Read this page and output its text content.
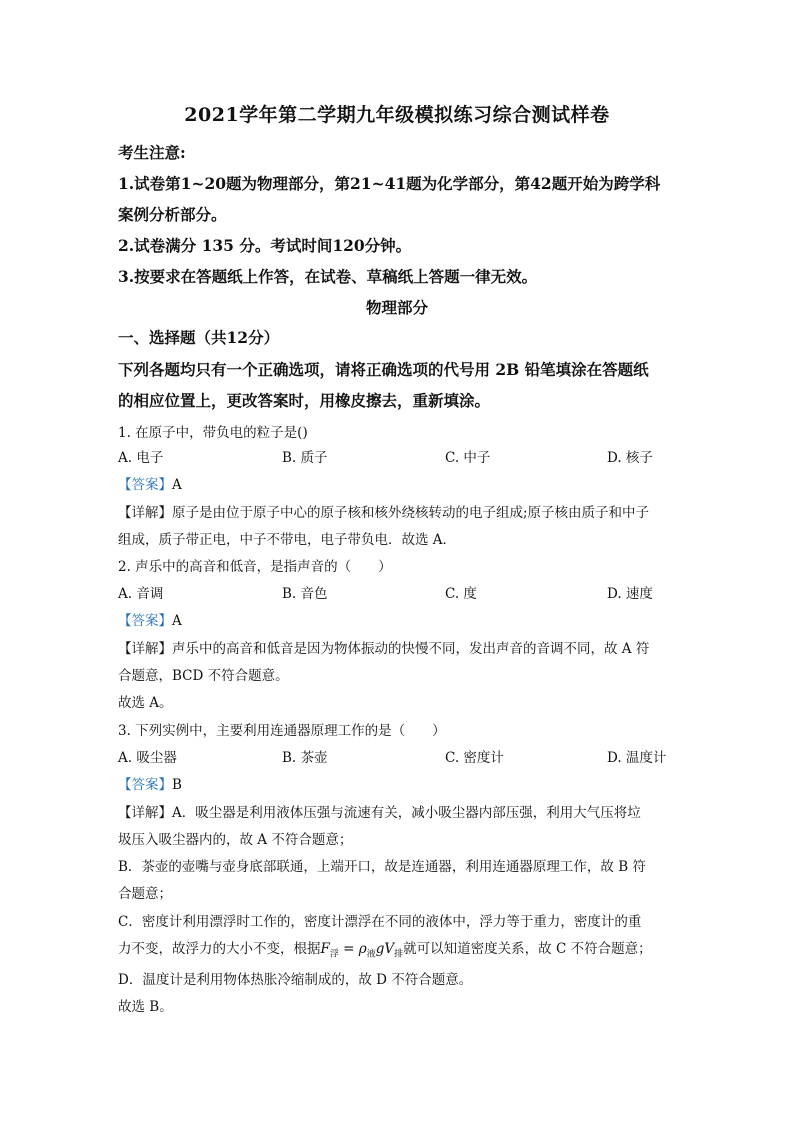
2021学年第二学期九年级模拟练习综合测试样卷
考生注意:
1.试卷第1~20题为物理部分，第21~41题为化学部分，第42题开始为跨学科
案例分析部分。
2.试卷满分 135 分。考试时间120分钟。
3.按要求在答题纸上作答，在试卷、草稿纸上答题一律无效。
物理部分
一、选择题（共12分）
下列各题均只有一个正确选项，请将正确选项的代号用 2B 铅笔填涂在答题纸
的相应位置上，更改答案时，用橡皮擦去，重新填涂。
1. 在原子中，带负电的粒子是()
A. 电子	B. 质子	C. 中子	D. 核子
【答案】A
【详解】原子是由位于原子中心的原子核和核外绕核转动的电子组成;原子核由质子和中子
组成，质子带正电，中子不带电，电子带负电．故选 A．
2. 声乐中的高音和低音，是指声音的（　　）
A. 音调	B. 音色	C. 度	D. 速度
【答案】A
【详解】声乐中的高音和低音是因为物体振动的快慢不同，发出声音的音调不同，故 A 符
合题意，BCD 不符合题意。
故选 A。
3. 下列实例中，主要利用连通器原理工作的是（　　）
A. 吸尘器	B. 茶壶	C. 密度计	D. 温度计
【答案】B
【详解】A．吸尘器是利用液体压强与流速有关，减小吸尘器内部压强，利用大气压将垃
圾压入吸尘器内的，故 A 不符合题意；
B．茶壶的壶嘴与壶身底部联通，上端开口，故是连通器，利用连通器原理工作，故 B 符
合题意；
C．密度计利用漂浮时工作的，密度计漂浮在不同的液体中，浮力等于重力，密度计的重
力不变，故浮力的大小不变，根据$F_浮 = \rho_液gV_排$就可以知道密度关系，故 C 不符合题意；
D．温度计是利用物体热胀冷缩制成的，故 D 不符合题意。
故选 B。
